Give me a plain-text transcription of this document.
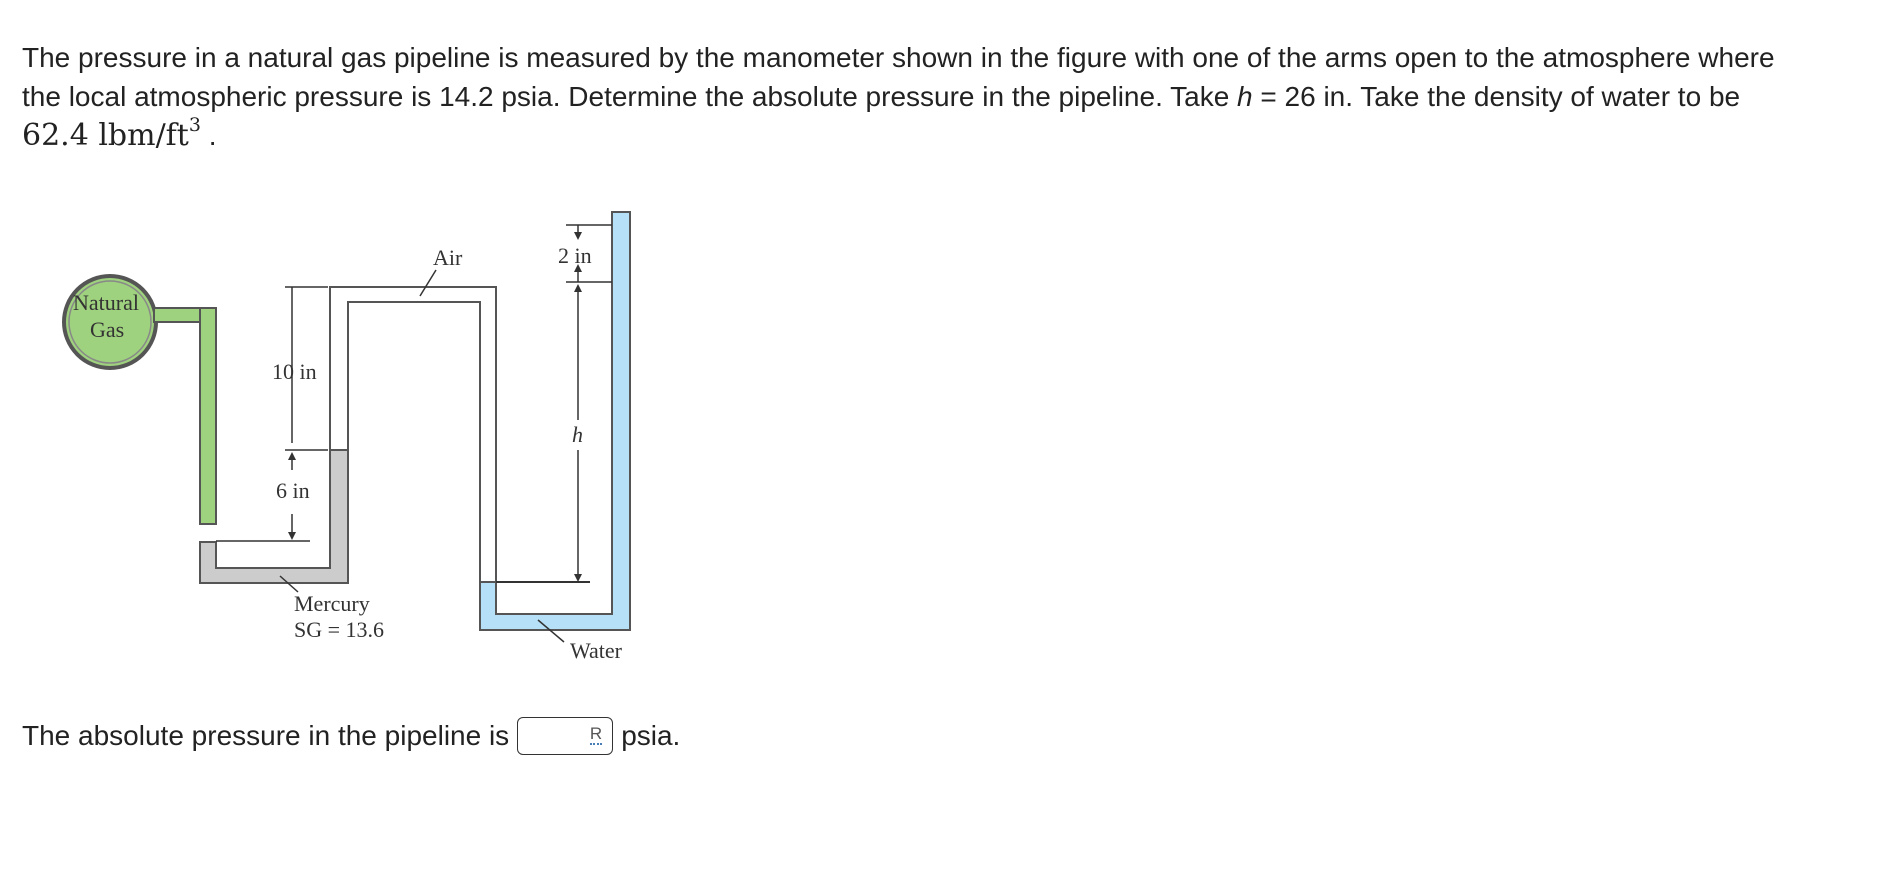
The pressure in a natural gas pipeline is measured by the manometer shown in the figure with one of the arms open to the atmosphere where the local atmospheric pressure is 14.2 psia. Determine the absolute pressure in the pipeline. Take h = 26 in. Take the density of water to be 62.4 lbm/$ft^3$ .
10 in
6 in
2 in
h
Natural
Gas
Air
Mercury
SG = 13.6
Water
The absolute pressure in the pipeline is	R psia.
